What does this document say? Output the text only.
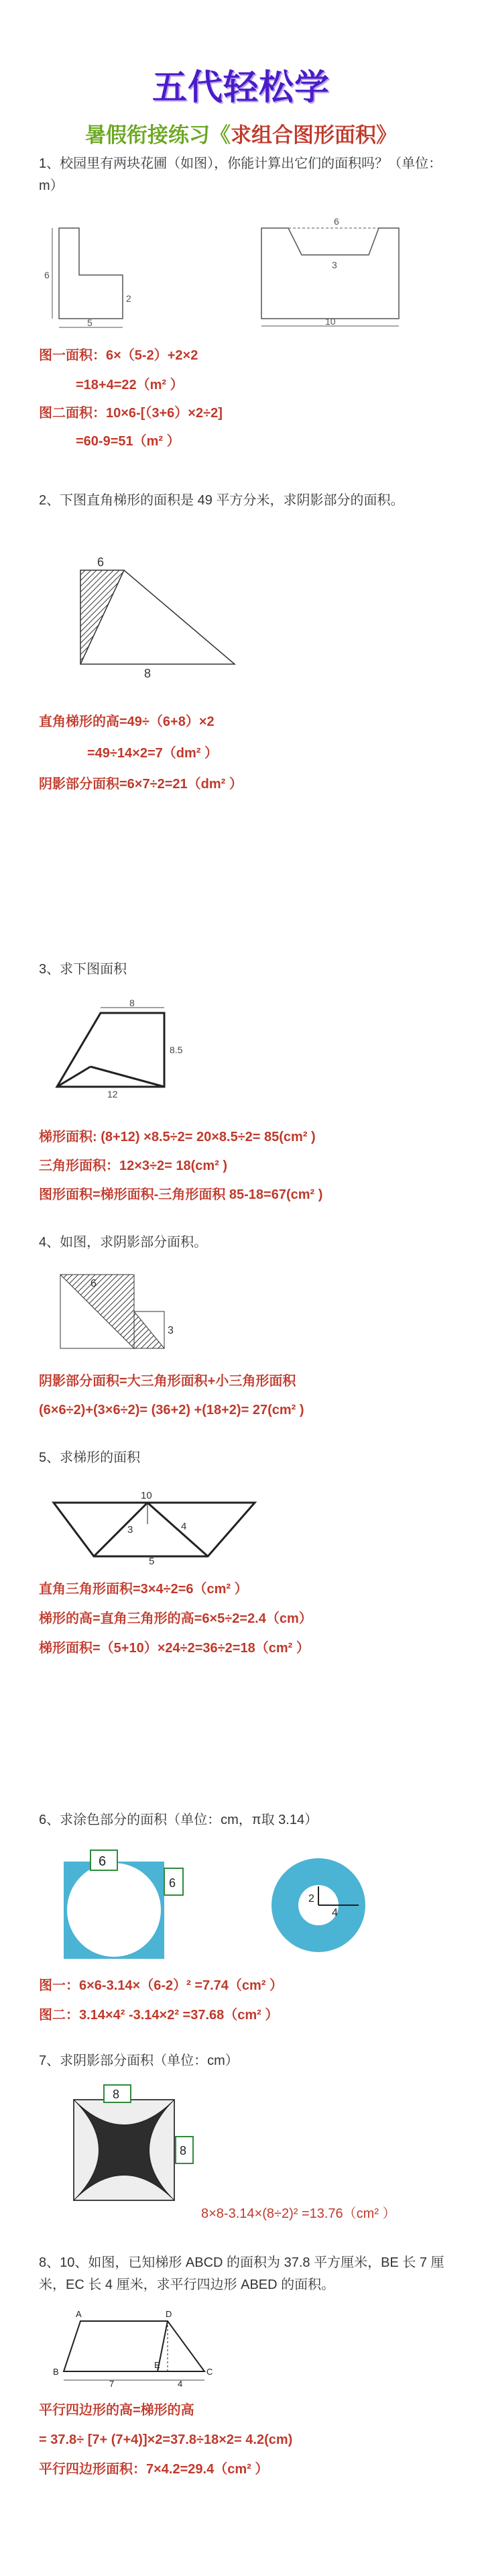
五代轻松学
暑假衔接练习《求组合图形面积》
1、校园里有两块花圃（如图），你能计算出它们的面积吗？（单位：m）
6
2
5
6
3
10
图一面积：6×（5-2）+2×2
=18+4=22（m² ）
图二面积：10×6-[（3+6）×2÷2]
=60-9=51（m² ）
2、下图直角梯形的面积是 49 平方分米，求阴影部分的面积。
6
8
直角梯形的高=49÷（6+8）×2
=49÷14×2=7（dm² ）
阴影部分面积=6×7÷2=21（dm² ）
3、求下图面积
8
8.5
12
梯形面积: (8+12) ×8.5÷2= 20×8.5÷2= 85(cm² )
三角形面积：12×3÷2= 18(cm² )
图形面积=梯形面积-三角形面积 85-18=67(cm² )
4、如图，求阴影部分面积。
6
3
阴影部分面积=大三角形面积+小三角形面积
(6×6÷2)+(3×6÷2)= (36+2) +(18+2)= 27(cm² )
5、求梯形的面积
10
3	4
5
直角三角形面积=3×4÷2=6（cm² ）
梯形的高=直角三角形的高=6×5÷2=2.4（cm）
梯形面积=（5+10）×24÷2=36÷2=18（cm² ）
6、求涂色部分的面积（单位：cm，π取 3.14）
6
6
2
4
图一：6×6-3.14×（6-2）² =7.74（cm² ）
图二：3.14×4² -3.14×2² =37.68（cm² ）
7、求阴影部分面积（单位：cm）
8
8
8×8-3.14×(8÷2)² =13.76（cm² ）
8、10、如图，已知梯形 ABCD 的面积为 37.8 平方厘米，BE 长 7 厘米，EC 长 4 厘米，求平行四边形 ABED 的面积。
A	D
B
E
C
7	4
平行四边形的高=梯形的高
= 37.8÷ [7+ (7+4)]×2=37.8÷18×2= 4.2(cm)
平行四边形面积：7×4.2=29.4（cm² ）
